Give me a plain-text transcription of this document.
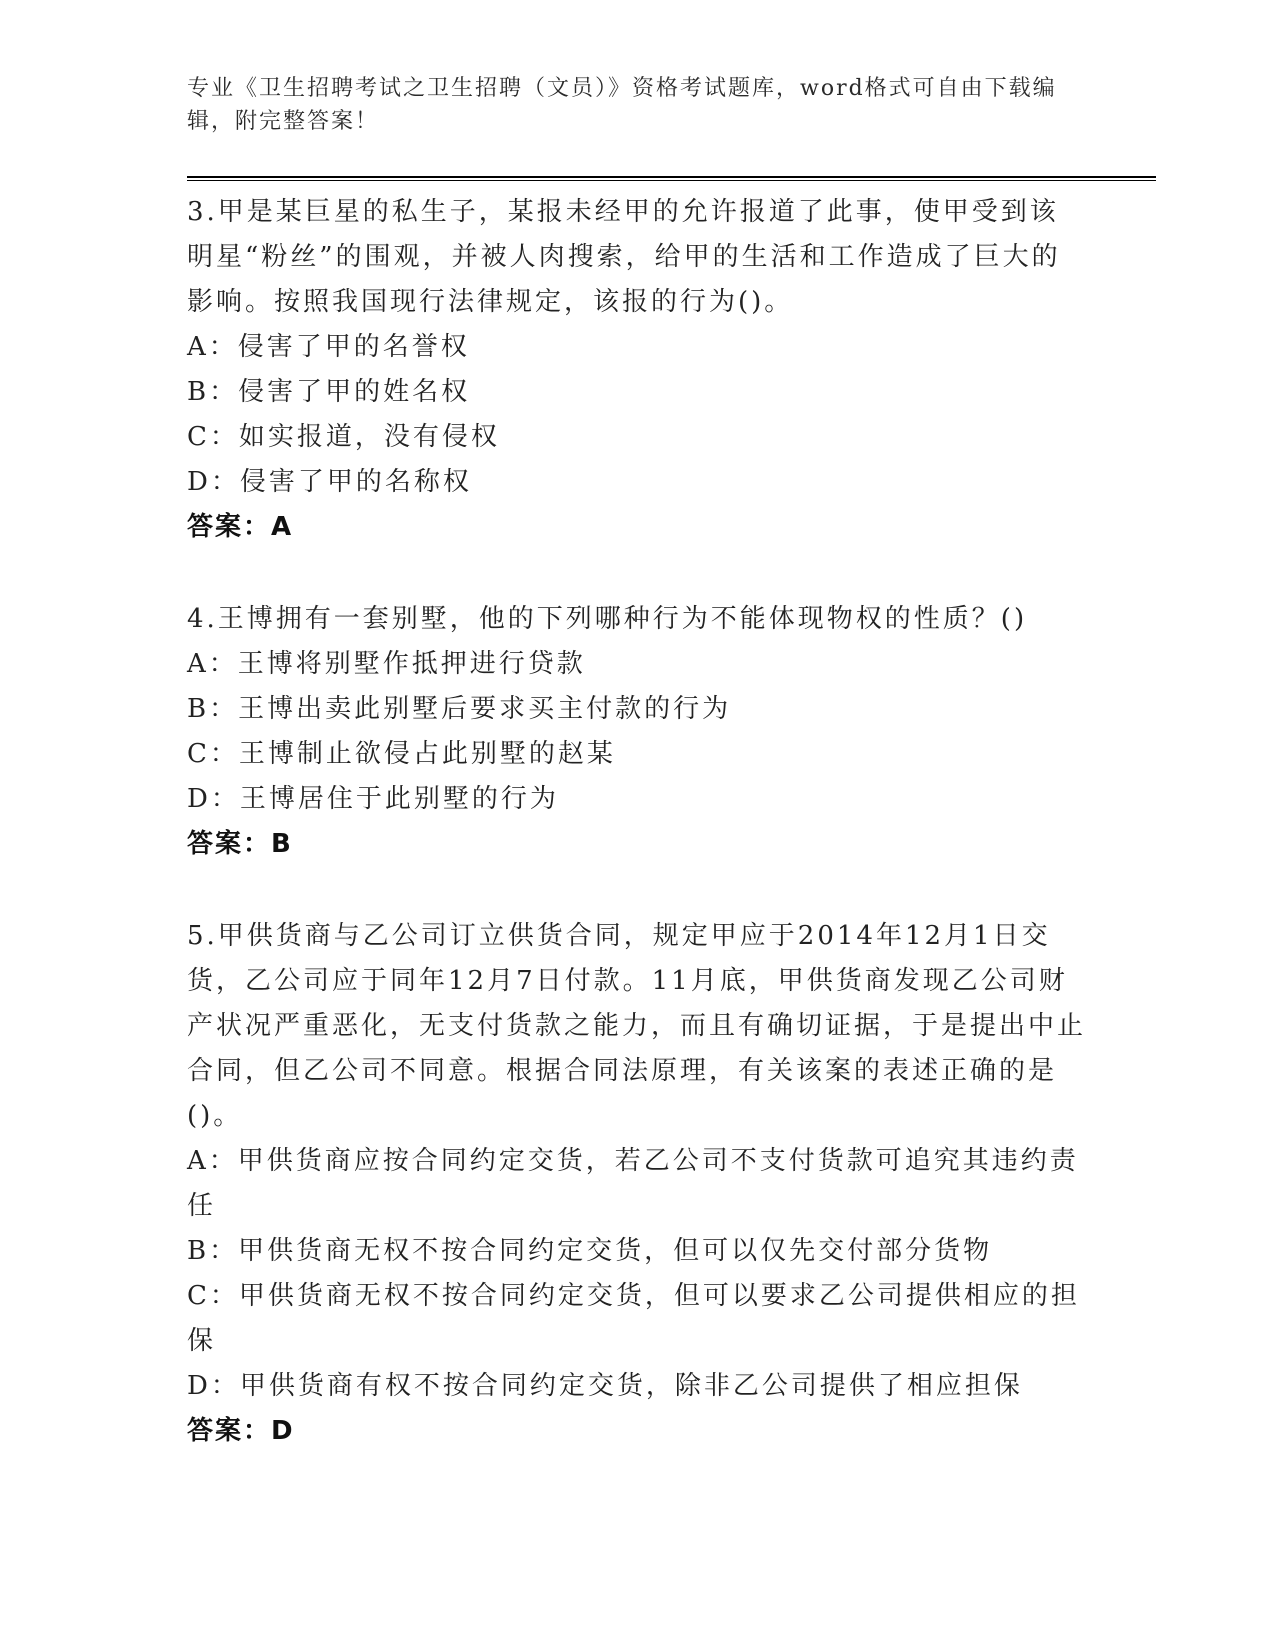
专业《卫生招聘考试之卫生招聘（文员）》资格考试题库，word格式可自由下载编辑，附完整答案！
3.甲是某巨星的私生子，某报未经甲的允许报道了此事，使甲受到该明星“粉丝”的围观，并被人肉搜索，给甲的生活和工作造成了巨大的影响。按照我国现行法律规定，该报的行为()。
A：侵害了甲的名誉权
B：侵害了甲的姓名权
C：如实报道，没有侵权
D：侵害了甲的名称权
答案：A
4.王博拥有一套别墅，他的下列哪种行为不能体现物权的性质？()
A：王博将别墅作抵押进行贷款
B：王博出卖此别墅后要求买主付款的行为
C：王博制止欲侵占此别墅的赵某
D：王博居住于此别墅的行为
答案：B
5.甲供货商与乙公司订立供货合同，规定甲应于2014年12月1日交货，乙公司应于同年12月7日付款。11月底，甲供货商发现乙公司财产状况严重恶化，无支付货款之能力，而且有确切证据，于是提出中止合同，但乙公司不同意。根据合同法原理，有关该案的表述正确的是()。
A：甲供货商应按合同约定交货，若乙公司不支付货款可追究其违约责任
B：甲供货商无权不按合同约定交货，但可以仅先交付部分货物
C：甲供货商无权不按合同约定交货，但可以要求乙公司提供相应的担保
D：甲供货商有权不按合同约定交货，除非乙公司提供了相应担保
答案：D
